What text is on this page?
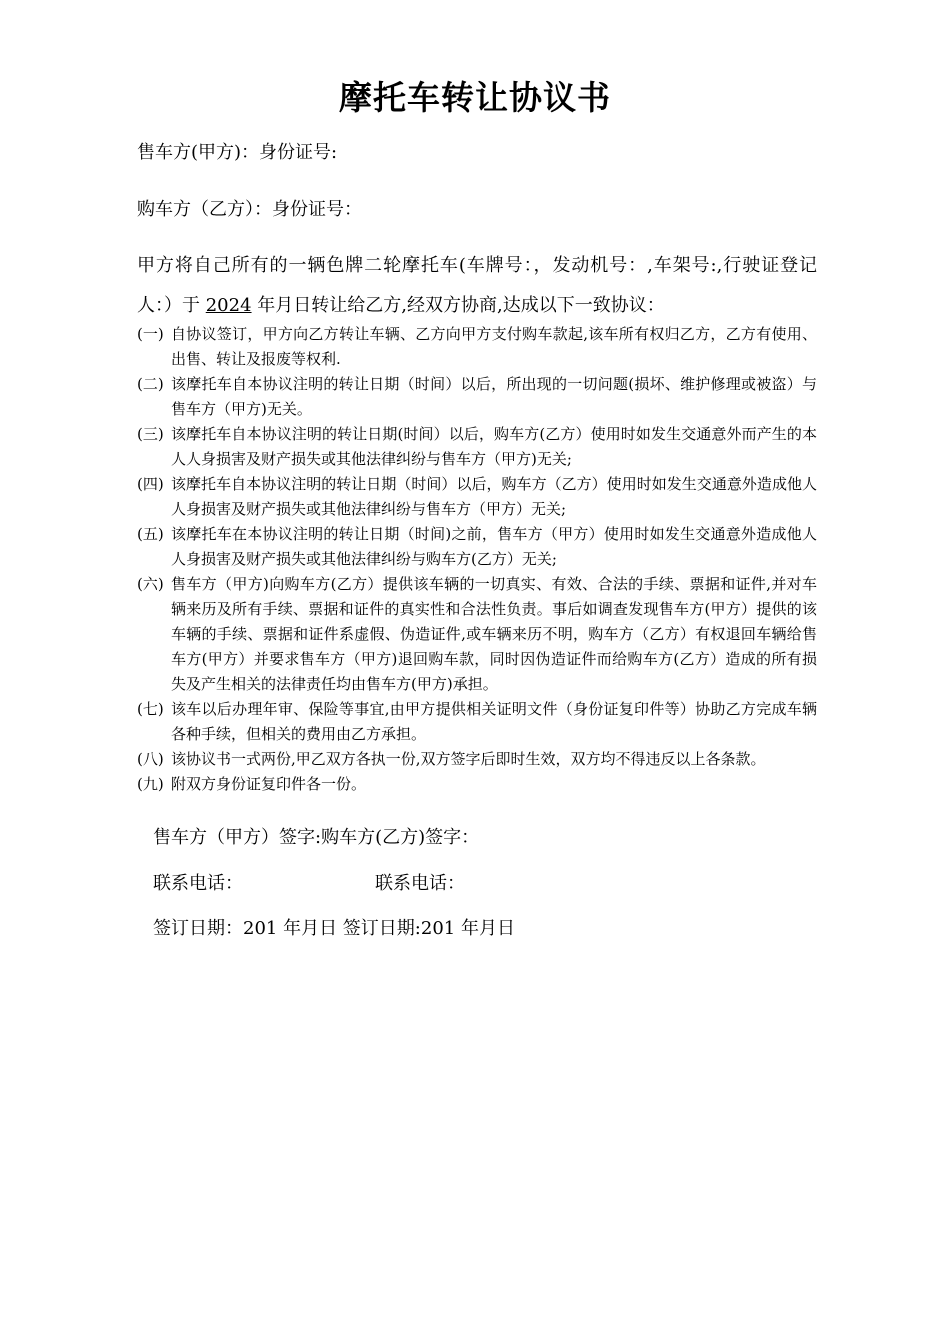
摩托车转让协议书
售车方(甲方)：身份证号:
购车方（乙方）：身份证号：
甲方将自己所有的一辆色牌二轮摩托车(车牌号：，发动机号：,车架号:,行驶证登记人：）于 2024 年月日转让给乙方,经双方协商,达成以下一致协议：
(一) 自协议签订，甲方向乙方转让车辆、乙方向甲方支付购车款起,该车所有权归乙方，乙方有使用、出售、转让及报废等权利.
(二) 该摩托车自本协议注明的转让日期（时间）以后，所出现的一切问题(损坏、维护修理或被盗）与售车方（甲方)无关。
(三) 该摩托车自本协议注明的转让日期(时间）以后，购车方(乙方）使用时如发生交通意外而产生的本人人身损害及财产损失或其他法律纠纷与售车方（甲方)无关;
(四) 该摩托车自本协议注明的转让日期（时间）以后，购车方（乙方）使用时如发生交通意外造成他人人身损害及财产损失或其他法律纠纷与售车方（甲方）无关;
(五) 该摩托车在本协议注明的转让日期（时间)之前，售车方（甲方）使用时如发生交通意外造成他人人身损害及财产损失或其他法律纠纷与购车方(乙方）无关;
(六) 售车方（甲方)向购车方(乙方）提供该车辆的一切真实、有效、合法的手续、票据和证件,并对车辆来历及所有手续、票据和证件的真实性和合法性负责。事后如调查发现售车方(甲方）提供的该车辆的手续、票据和证件系虚假、伪造证件,或车辆来历不明，购车方（乙方）有权退回车辆给售车方(甲方）并要求售车方（甲方)退回购车款，同时因伪造证件而给购车方(乙方）造成的所有损失及产生相关的法律责任均由售车方(甲方)承担。
(七) 该车以后办理年审、保险等事宜,由甲方提供相关证明文件（身份证复印件等）协助乙方完成车辆各种手续，但相关的费用由乙方承担。
(八) 该协议书一式两份,甲乙双方各执一份,双方签字后即时生效，双方均不得违反以上各条款。
(九) 附双方身份证复印件各一份。
售车方（甲方）签字:购车方(乙方)签字：
联系电话：	联系电话：
签订日期：201 年月日 签订日期:201 年月日
